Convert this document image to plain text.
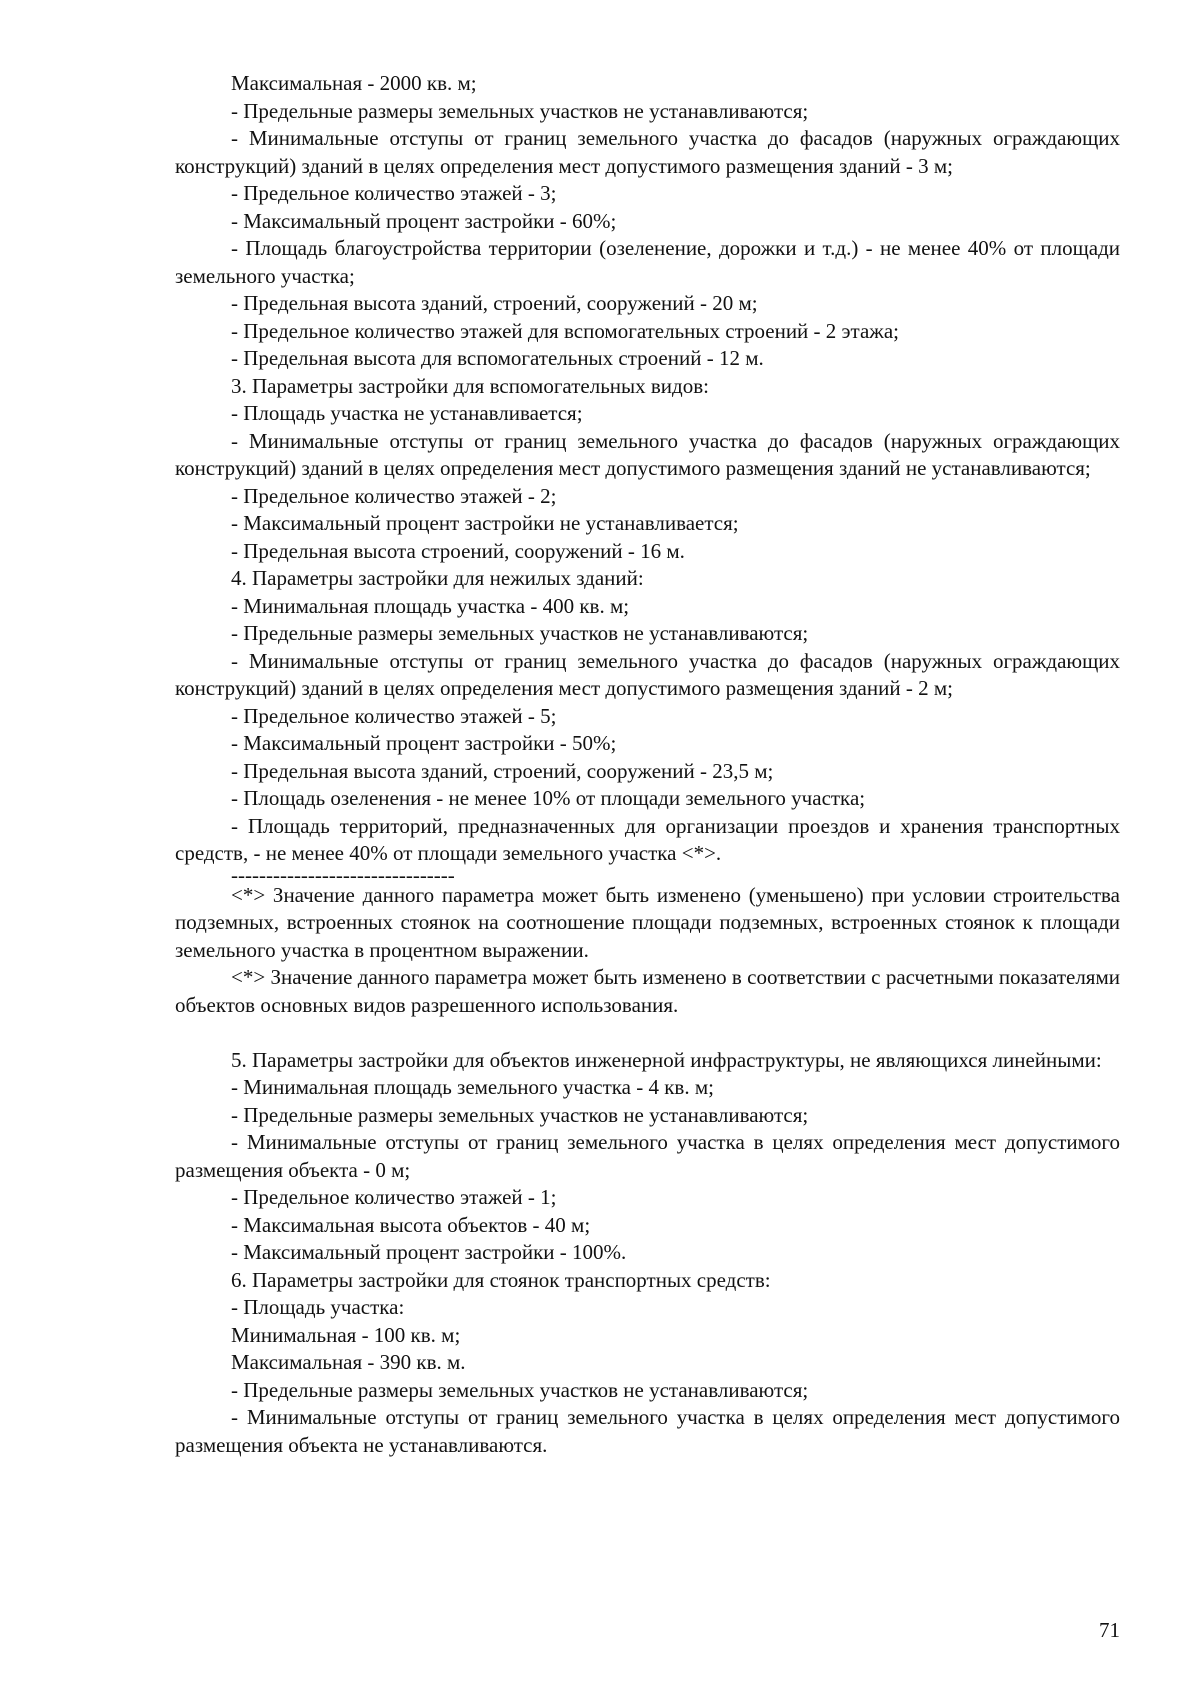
Максимальная - 2000 кв. м;

- Предельные размеры земельных участков не устанавливаются;

- Минимальные отступы от границ земельного участка до фасадов (наружных ограждающих конструкций) зданий в целях определения мест допустимого размещения зданий - 3 м;

- Предельное количество этажей - 3;

- Максимальный процент застройки - 60%;

- Площадь благоустройства территории (озеленение, дорожки и т.д.) - не менее 40% от площади земельного участка;

- Предельная высота зданий, строений, сооружений - 20 м;

- Предельное количество этажей для вспомогательных строений - 2 этажа;

- Предельная высота для вспомогательных строений - 12 м.

3. Параметры застройки для вспомогательных видов:

- Площадь участка не устанавливается;

- Минимальные отступы от границ земельного участка до фасадов (наружных ограждающих конструкций) зданий в целях определения мест допустимого размещения зданий не устанавливаются;

- Предельное количество этажей - 2;

- Максимальный процент застройки не устанавливается;

- Предельная высота строений, сооружений - 16 м.

4. Параметры застройки для нежилых зданий:

- Минимальная площадь участка - 400 кв. м;

- Предельные размеры земельных участков не устанавливаются;

- Минимальные отступы от границ земельного участка до фасадов (наружных ограждающих конструкций) зданий в целях определения мест допустимого размещения зданий - 2 м;

- Предельное количество этажей - 5;

- Максимальный процент застройки - 50%;

- Предельная высота зданий, строений, сооружений - 23,5 м;

- Площадь озеленения - не менее 10% от площади земельного участка;

- Площадь территорий, предназначенных для организации проездов и хранения транспортных средств, - не менее 40% от площади земельного участка <*>.

--------------------------------

<*> Значение данного параметра может быть изменено (уменьшено) при условии строительства подземных, встроенных стоянок на соотношение площади подземных, встроенных стоянок к площади земельного участка в процентном выражении.

<*> Значение данного параметра может быть изменено в соответствии с расчетными показателями объектов основных видов разрешенного использования.

5. Параметры застройки для объектов инженерной инфраструктуры, не являющихся линейными:

- Минимальная площадь земельного участка - 4 кв. м;

- Предельные размеры земельных участков не устанавливаются;

- Минимальные отступы от границ земельного участка в целях определения мест допустимого размещения объекта - 0 м;

- Предельное количество этажей - 1;

- Максимальная высота объектов - 40 м;

- Максимальный процент застройки - 100%.

6. Параметры застройки для стоянок транспортных средств:

- Площадь участка:

Минимальная - 100 кв. м;

Максимальная - 390 кв. м.

- Предельные размеры земельных участков не устанавливаются;

- Минимальные отступы от границ земельного участка в целях определения мест допустимого размещения объекта не устанавливаются.

71
